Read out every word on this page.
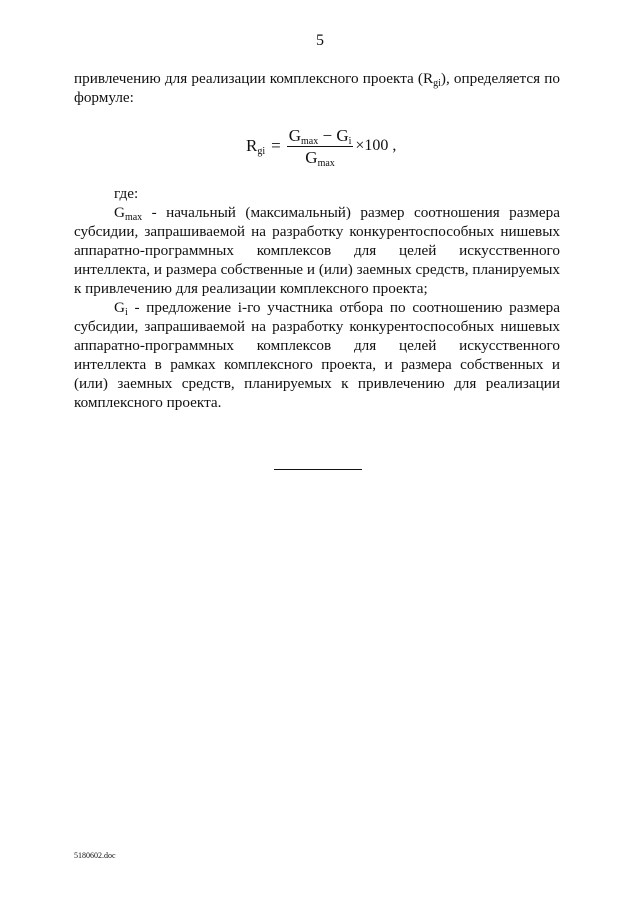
5
привлечению для реализации комплексного проекта $(R_{gi})$, определяется по
формуле:
$R_{gi} = \frac{G_{max} - G_i}{G_{max}} \times 100$ ,

где:

$G_{max}$ - начальный (максимальный) размер соотношения размера субсидии, запрашиваемой на разработку конкурентоспособных нишевых аппаратно-программных комплексов для целей искусственного интеллекта, и размера собственные и (или) заемных средств, планируемых к привлечению для реализации комплексного проекта;

$G_i$ - предложение i-го участника отбора по соотношению размера субсидии, запрашиваемой на разработку конкурентоспособных нишевых аппаратно-программных комплексов для целей искусственного интеллекта в рамках комплексного проекта, и размера собственных и (или) заемных средств, планируемых к привлечению для реализации комплексного проекта.

5180602.doc
